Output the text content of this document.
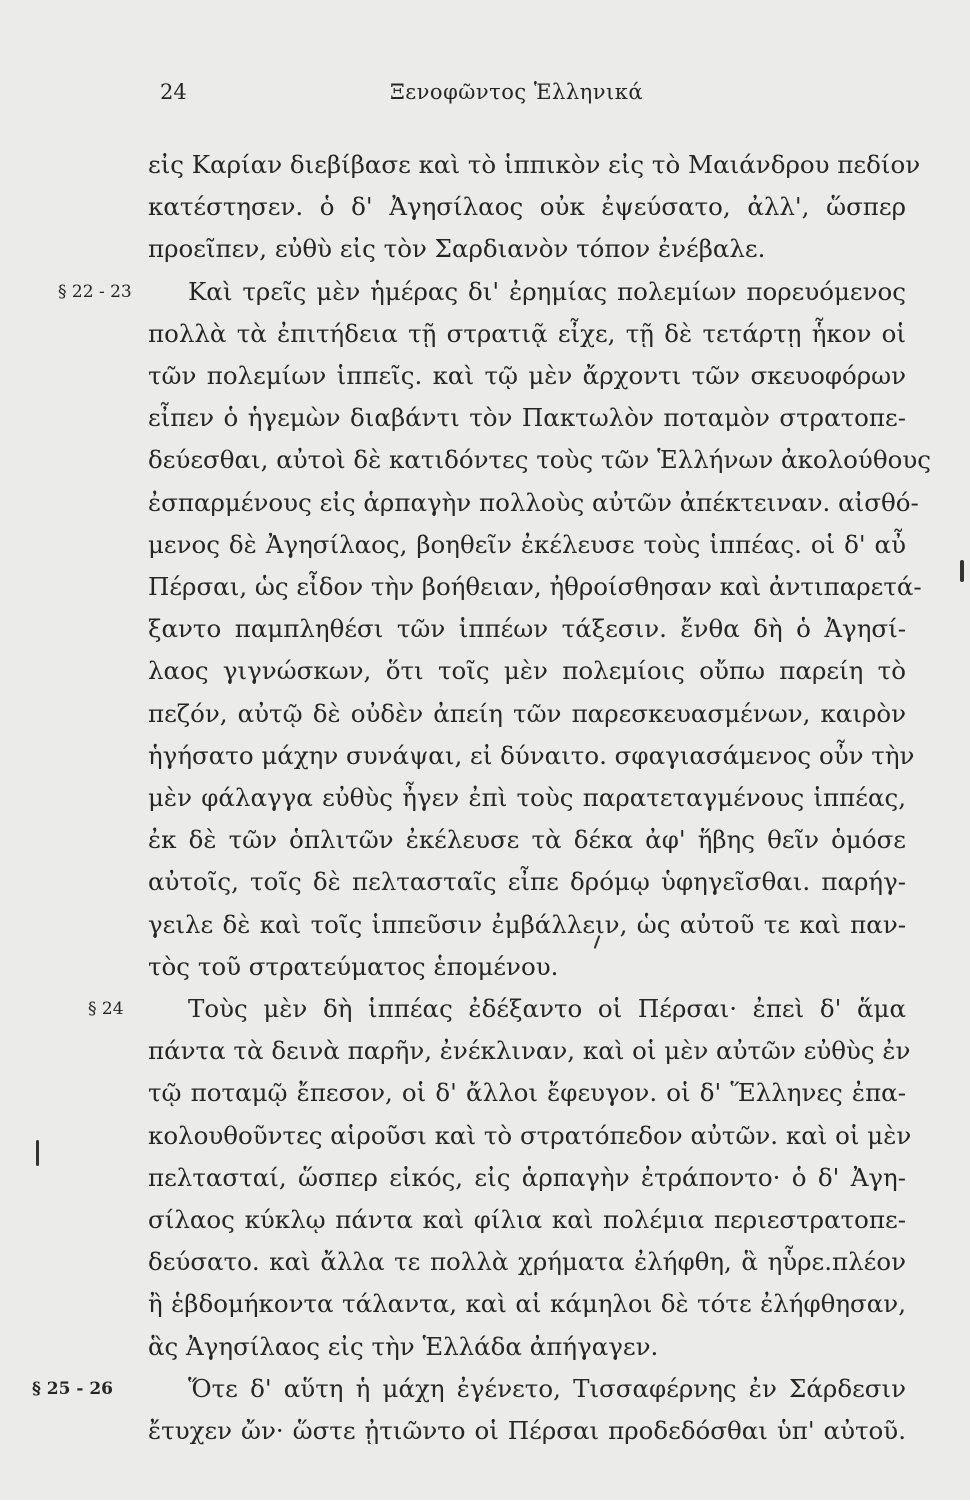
24	Ξενοφῶντος Ἑλληνικά
§ 22 - 23
§ 24
§ 25 - 26
εἰς Καρίαν διεβίβασε καὶ τὸ ἱππικὸν εἰς τὸ Μαιάνδρου πεδίον
κατέστησεν. ὁ δ' Ἀγησίλαος οὐκ ἐψεύσατο, ἀλλ', ὥσπερ
προεῖπεν, εὐθὺ εἰς τὸν Σαρδιανὸν τόπον ἐνέβαλε.
Καὶ τρεῖς μὲν ἡμέρας δι' ἐρημίας πολεμίων πορευόμενος
πολλὰ τὰ ἐπιτήδεια τῇ στρατιᾷ εἶχε, τῇ δὲ τετάρτῃ ἧκον οἱ
τῶν πολεμίων ἱππεῖς. καὶ τῷ μὲν ἄρχοντι τῶν σκευοφόρων
εἶπεν ὁ ἡγεμὼν διαβάντι τὸν Πακτωλὸν ποταμὸν στρατοπε-
δεύεσθαι, αὐτοὶ δὲ κατιδόντες τοὺς τῶν Ἑλλήνων ἀκολούθους
ἐσπαρμένους εἰς ἁρπαγὴν πολλοὺς αὐτῶν ἀπέκτειναν. αἰσθό-
μενος δὲ Ἀγησίλαος, βοηθεῖν ἐκέλευσε τοὺς ἱππέας. οἱ δ' αὖ
Πέρσαι, ὡς εἶδον τὴν βοήθειαν, ἠθροίσθησαν καὶ ἀντιπαρετά-
ξαντο παμπληθέσι τῶν ἱππέων τάξεσιν. ἔνθα δὴ ὁ Ἀγησί-
λαος γιγνώσκων, ὅτι τοῖς μὲν πολεμίοις οὔπω παρείη τὸ
πεζόν, αὐτῷ δὲ οὐδὲν ἀπείη τῶν παρεσκευασμένων, καιρὸν
ἡγήσατο μάχην συνάψαι, εἰ δύναιτο. σφαγιασάμενος οὖν τὴν
μὲν φάλαγγα εὐθὺς ἦγεν ἐπὶ τοὺς παρατεταγμένους ἱππέας,
ἐκ δὲ τῶν ὁπλιτῶν ἐκέλευσε τὰ δέκα ἀφ' ἥβης θεῖν ὁμόσε
αὐτοῖς, τοῖς δὲ πελτασταῖς εἶπε δρόμῳ ὑφηγεῖσθαι. παρήγ-
γειλε δὲ καὶ τοῖς ἱππεῦσιν ἐμβάλλειν, ὡς αὐτοῦ τε καὶ παν-
τὸς τοῦ στρατεύματος ἑπομένου.
Τοὺς μὲν δὴ ἱππέας ἐδέξαντο οἱ Πέρσαι· ἐπεὶ δ' ἅμα
πάντα τὰ δεινὰ παρῆν, ἐνέκλιναν, καὶ οἱ μὲν αὐτῶν εὐθὺς ἐν
τῷ ποταμῷ ἔπεσον, οἱ δ' ἄλλοι ἔφευγον. οἱ δ' Ἕλληνες ἐπα-
κολουθοῦντες αἱροῦσι καὶ τὸ στρατόπεδον αὐτῶν. καὶ οἱ μὲν
πελτασταί, ὥσπερ εἰκός, εἰς ἁρπαγὴν ἐτράποντο· ὁ δ' Ἀγη-
σίλαος κύκλῳ πάντα καὶ φίλια καὶ πολέμια περιεστρατοπε-
δεύσατο. καὶ ἄλλα τε πολλὰ χρήματα ἐλήφθη, ἃ ηὗρε.πλέον
ἢ ἑβδομήκοντα τάλαντα, καὶ αἱ κάμηλοι δὲ τότε ἐλήφθησαν,
ἃς Ἀγησίλαος εἰς τὴν Ἑλλάδα ἀπήγαγεν.
Ὅτε δ' αὕτη ἡ μάχη ἐγένετο, Τισσαφέρνης ἐν Σάρδεσιν
ἔτυχεν ὤν· ὥστε ᾐτιῶντο οἱ Πέρσαι προδεδόσθαι ὑπ' αὐτοῦ.
